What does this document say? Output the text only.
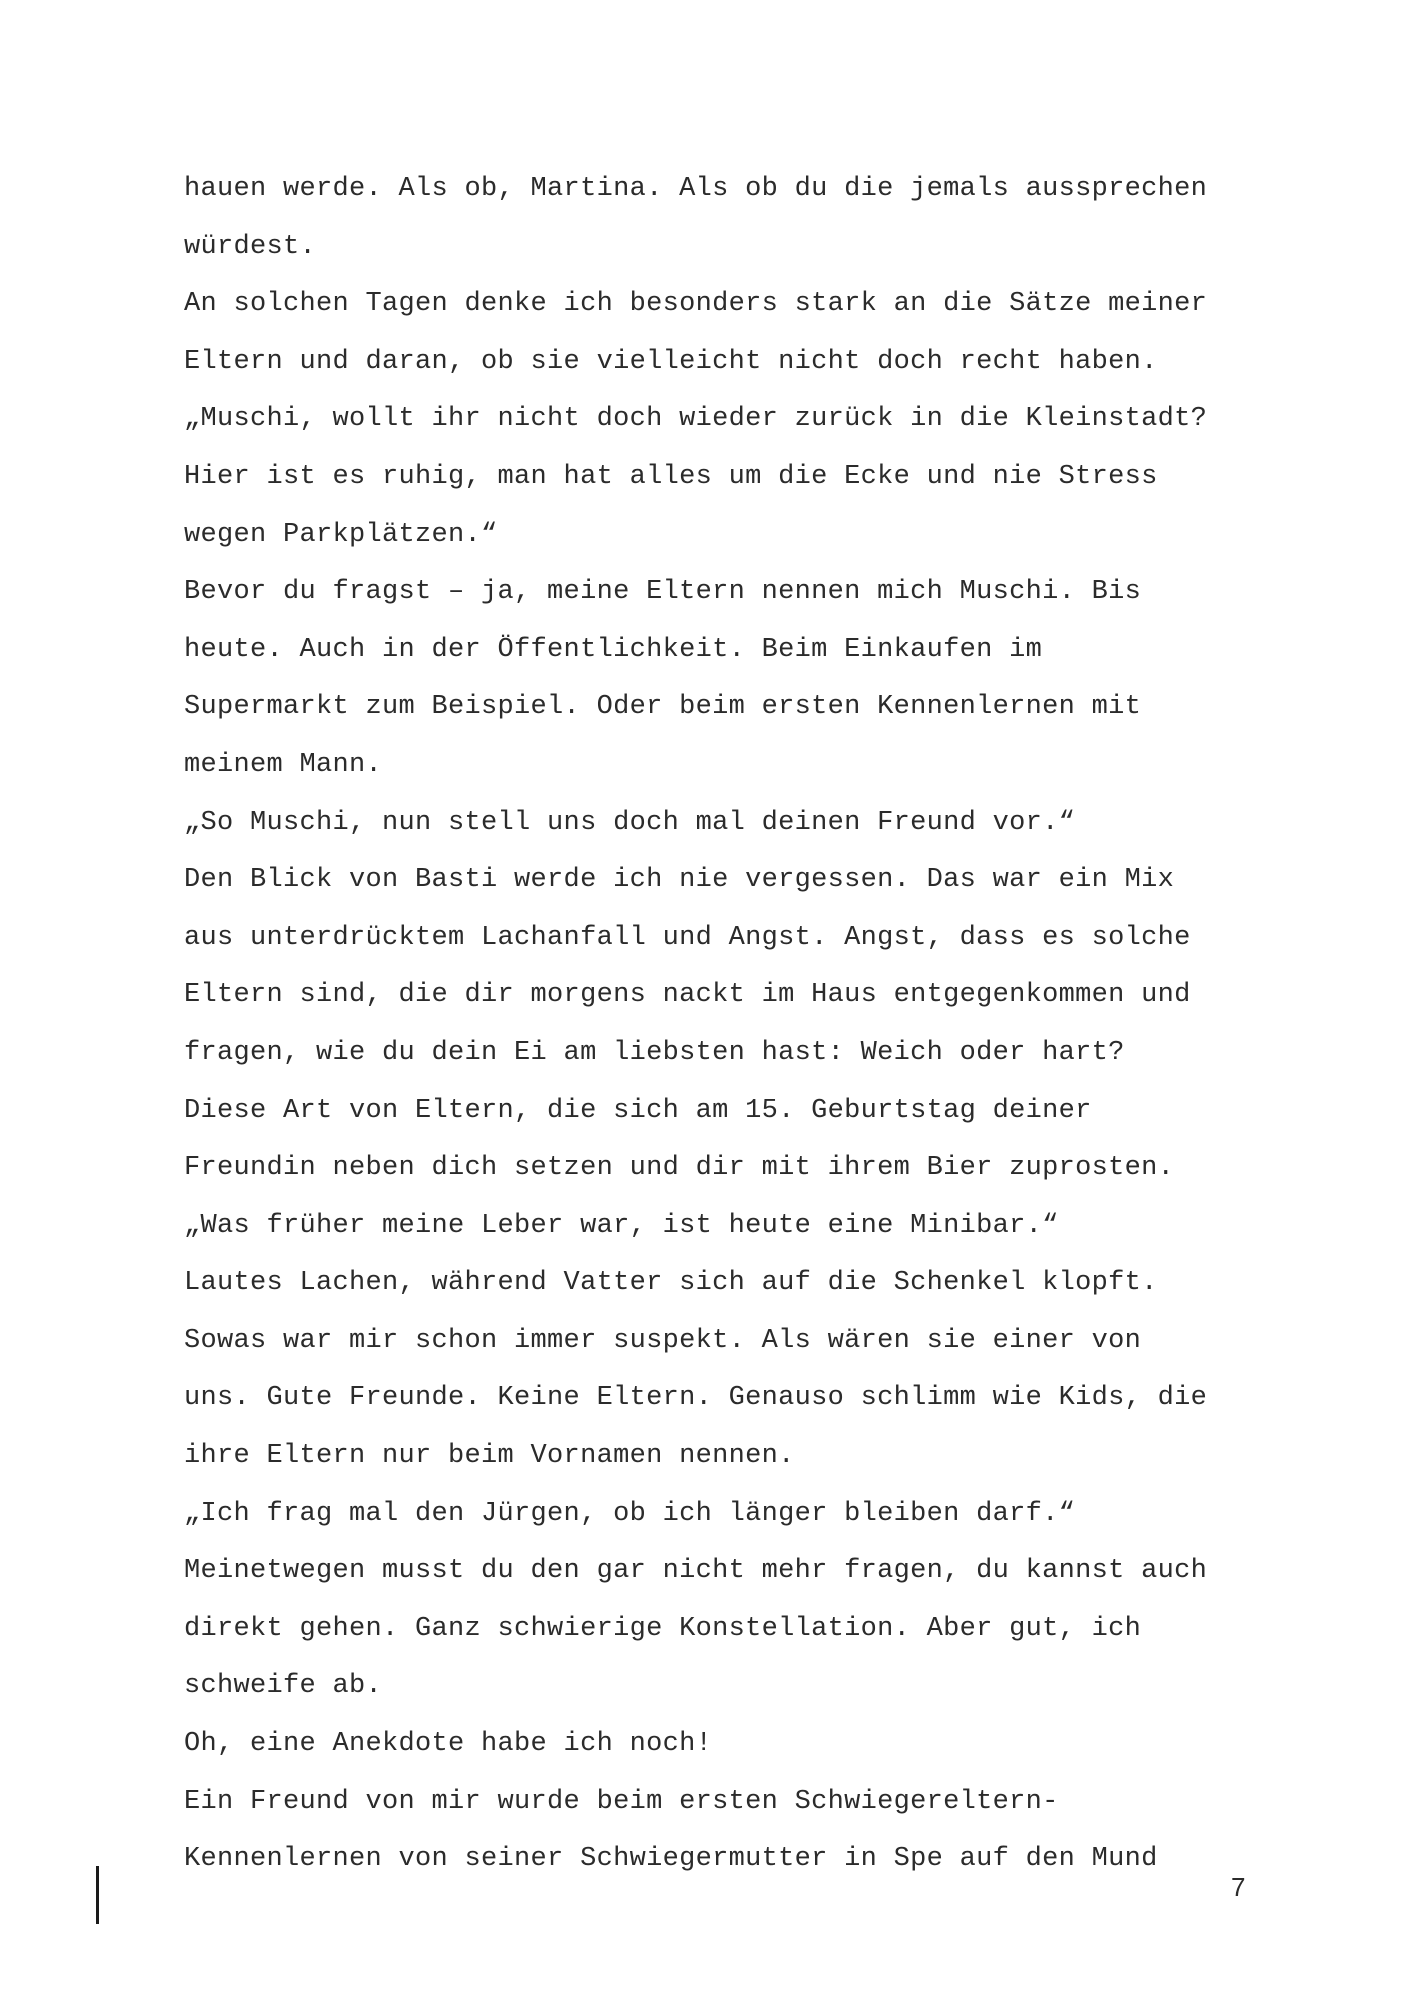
hauen werde. Als ob, Martina. Als ob du die jemals aussprechen
würdest.
An solchen Tagen denke ich besonders stark an die Sätze meiner
Eltern und daran, ob sie vielleicht nicht doch recht haben.
„Muschi, wollt ihr nicht doch wieder zurück in die Kleinstadt?
Hier ist es ruhig, man hat alles um die Ecke und nie Stress
wegen Parkplätzen.“
Bevor du fragst – ja, meine Eltern nennen mich Muschi. Bis
heute. Auch in der Öffentlichkeit. Beim Einkaufen im
Supermarkt zum Beispiel. Oder beim ersten Kennenlernen mit
meinem Mann.
„So Muschi, nun stell uns doch mal deinen Freund vor.“
Den Blick von Basti werde ich nie vergessen. Das war ein Mix
aus unterdrücktem Lachanfall und Angst. Angst, dass es solche
Eltern sind, die dir morgens nackt im Haus entgegenkommen und
fragen, wie du dein Ei am liebsten hast: Weich oder hart?
Diese Art von Eltern, die sich am 15. Geburtstag deiner
Freundin neben dich setzen und dir mit ihrem Bier zuprosten.
„Was früher meine Leber war, ist heute eine Minibar.“
Lautes Lachen, während Vatter sich auf die Schenkel klopft.
Sowas war mir schon immer suspekt. Als wären sie einer von
uns. Gute Freunde. Keine Eltern. Genauso schlimm wie Kids, die
ihre Eltern nur beim Vornamen nennen.
„Ich frag mal den Jürgen, ob ich länger bleiben darf.“
Meinetwegen musst du den gar nicht mehr fragen, du kannst auch
direkt gehen. Ganz schwierige Konstellation. Aber gut, ich
schweife ab.
Oh, eine Anekdote habe ich noch!
Ein Freund von mir wurde beim ersten Schwiegereltern-
Kennenlernen von seiner Schwiegermutter in Spe auf den Mund
7
